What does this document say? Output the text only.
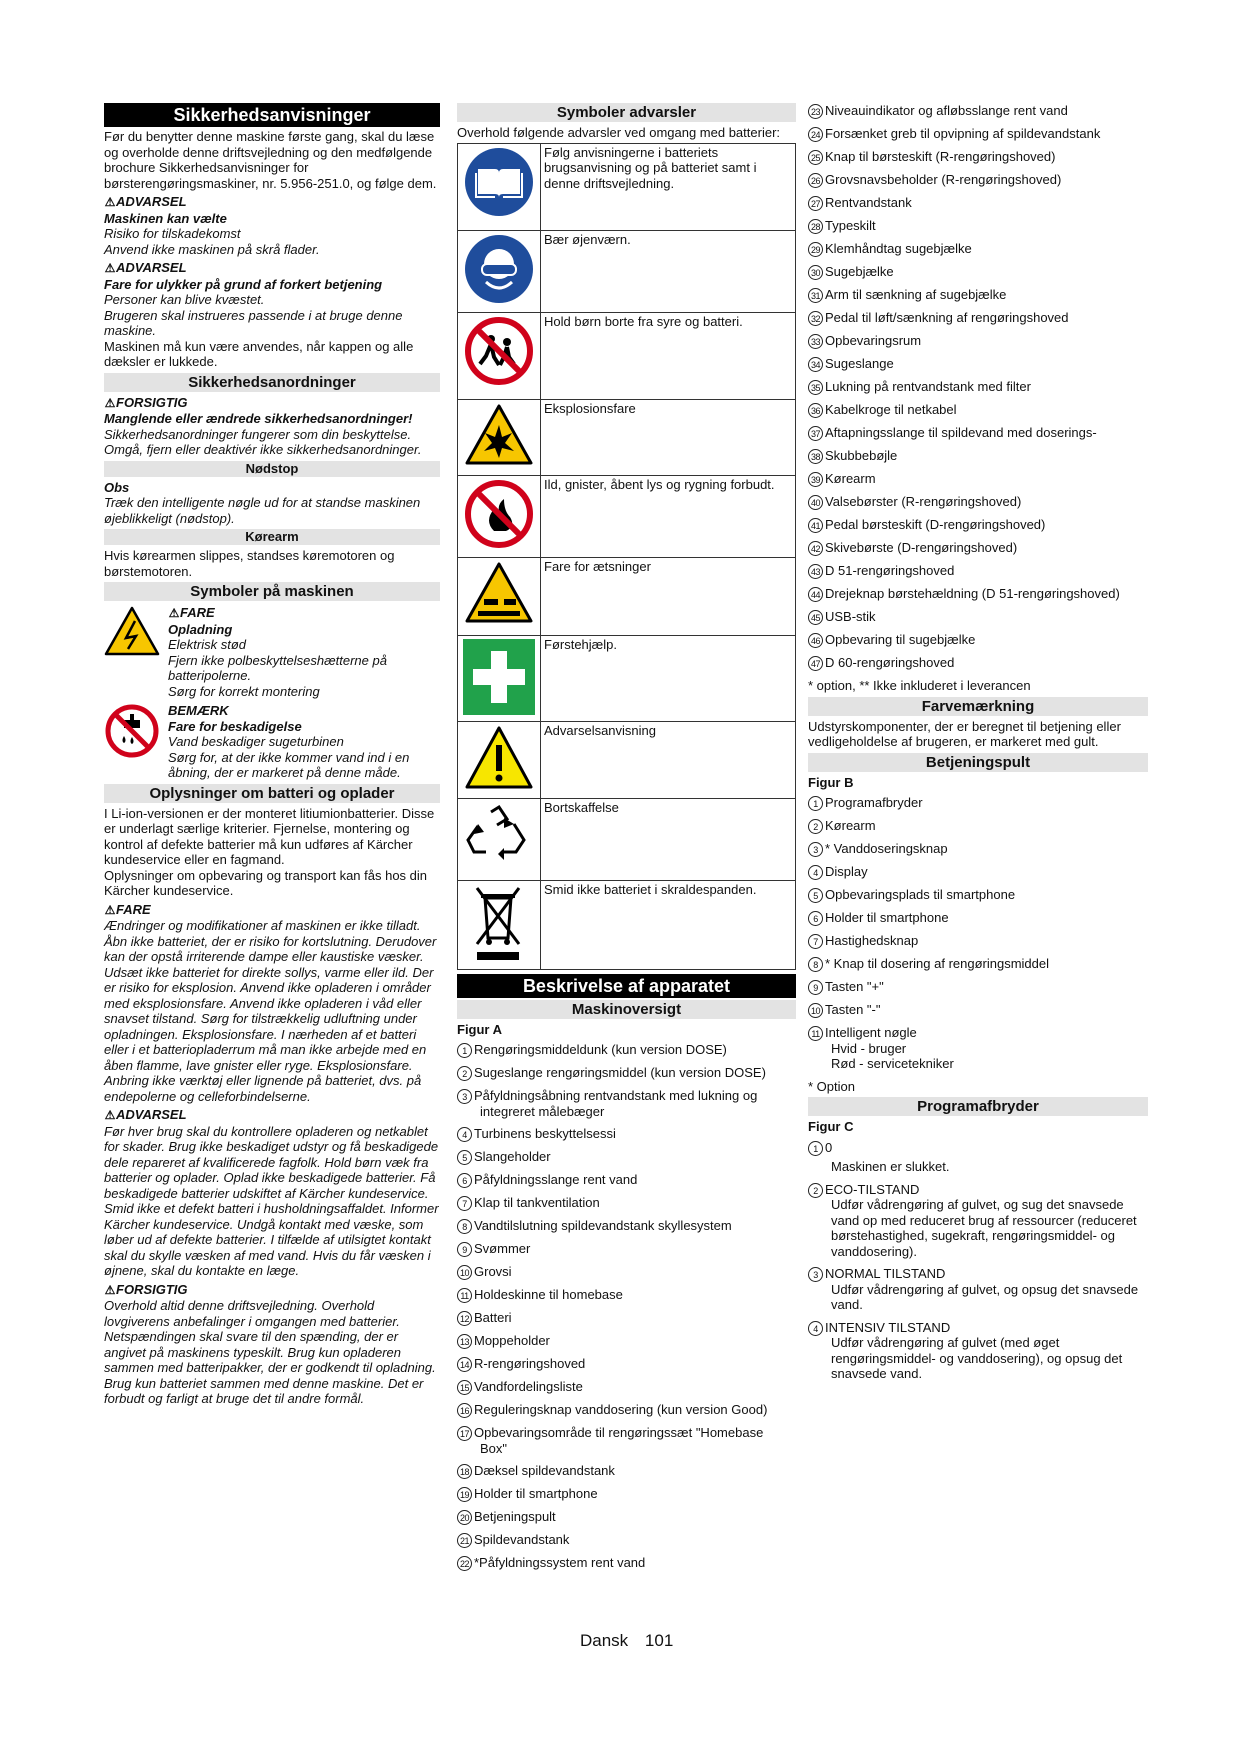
Sikkerhedsanvisninger

Før du benytter denne maskine første gang, skal du læse og overholde denne driftsvejledning og den medfølgende brochure Sikkerhedsanvisninger for børsterengøringsmaskiner, nr. 5.956-251.0, og følge dem.

⚠ADVARSEL

Maskinen kan vælte

Risiko for tilskadekomst

Anvend ikke maskinen på skrå flader.

⚠ADVARSEL

Fare for ulykker på grund af forkert betjening

Personer kan blive kvæstet.

Brugeren skal instrueres passende i at bruge denne maskine.

Maskinen må kun være anvendes, når kappen og alle dæksler er lukkede.

Sikkerhedsanordninger

⚠FORSIGTIG

Manglende eller ændrede sikkerhedsanordninger!

Sikkerhedsanordninger fungerer som din beskyttelse.

Omgå, fjern eller deaktivér ikke sikkerhedsanordninger.

Nødstop

Obs

Træk den intelligente nøgle ud for at standse maskinen øjeblikkeligt (nødstop).

Kørearm

Hvis kørearmen slippes, standses køremotoren og børstemotoren.

Symboler på maskinen

⚠FARE

Opladning

Elektrisk stød

Fjern ikke polbeskyttelseshætterne på batteripolerne.

Sørg for korrekt montering

BEMÆRK

Fare for beskadigelse

Vand beskadiger sugeturbinen

Sørg for, at der ikke kommer vand ind i en åbning, der er markeret på denne måde.

Oplysninger om batteri og oplader

I Li-ion-versionen er der monteret litiumionbatterier. Disse er underlagt særlige kriterier. Fjernelse, montering og kontrol af defekte batterier må kun udføres af Kärcher kundeservice eller en fagmand.

Oplysninger om opbevaring og transport kan fås hos din Kärcher kundeservice.

⚠FARE

Ændringer og modifikationer af maskinen er ikke tilladt. Åbn ikke batteriet, der er risiko for kortslutning. Derudover kan der opstå irriterende dampe eller kaustiske væsker. Udsæt ikke batteriet for direkte sollys, varme eller ild. Der er risiko for eksplosion. Anvend ikke opladeren i områder med eksplosionsfare. Anvend ikke opladeren i våd eller snavset tilstand. Sørg for tilstrækkelig udluftning under opladningen. Eksplosionsfare. I nærheden af et batteri eller i et batteriopladerrum må man ikke arbejde med en åben flamme, lave gnister eller ryge. Eksplosionsfare. Anbring ikke værktøj eller lignende på batteriet, dvs. på endepolerne og celleforbindelserne.

⚠ADVARSEL

Før hver brug skal du kontrollere opladeren og netkablet for skader. Brug ikke beskadiget udstyr og få beskadigede dele repareret af kvalificerede fagfolk. Hold børn væk fra batterier og oplader. Oplad ikke beskadigede batterier. Få beskadigede batterier udskiftet af Kärcher kundeservice. Smid ikke et defekt batteri i husholdningsaffaldet. Informer Kärcher kundeservice. Undgå kontakt med væske, som løber ud af defekte batterier. I tilfælde af utilsigtet kontakt skal du skylle væsken af med vand. Hvis du får væsken i øjnene, skal du kontakte en læge.

⚠FORSIGTIG

Overhold altid denne driftsvejledning. Overhold lovgiverens anbefalinger i omgangen med batterier. Netspændingen skal svare til den spænding, der er angivet på maskinens typeskilt. Brug kun opladeren sammen med batteripakker, der er godkendt til opladning. Brug kun batteriet sammen med denne maskine. Det er forbudt og farligt at bruge det til andre formål.

Symboler advarsler

Overhold følgende advarsler ved omgang med batterier:

	Følg anvisningerne i batteriets brugsanvisning og på batteriet samt i denne driftsvejledning.
	Bær øjenværn.
	Hold børn borte fra syre og batteri.
	Eksplosionsfare
	Ild, gnister, åbent lys og rygning forbudt.
	Fare for ætsninger
	Førstehjælp.
	Advarselsanvisning
	Bortskaffelse
	Smid ikke batteriet i skraldespanden.
Beskrivelse af apparatet
Maskinoversigt

Figur A

1 Rengøringsmiddeldunk (kun version DOSE)
2 Sugeslange rengøringsmiddel (kun version DOSE)
3 Påfyldningsåbning rentvandstank med lukning og
integreret målebæger
4 Turbinens beskyttelsessi
5 Slangeholder
6 Påfyldningsslange rent vand
7 Klap til tankventilation
8 Vandtilslutning spildevandstank skyllesystem
9 Svømmer
10 Grovsi
11 Holdeskinne til homebase
12 Batteri
13 Moppeholder
14 R-rengøringshoved
15 Vandfordelingsliste
16 Reguleringsknap vanddosering (kun version Good)
17 Opbevaringsområde til rengøringssæt "Homebase
Box"
18 Dæksel spildevandstank
19 Holder til smartphone
20 Betjeningspult
21 Spildevandstank
22 *Påfyldningssystem rent vand
23 Niveauindikator og afløbsslange rent vand
24 Forsænket greb til opvipning af spildevandstank
25 Knap til børsteskift (R-rengøringshoved)
26 Grovsnavsbeholder (R-rengøringshoved)
27 Rentvandstank
28 Typeskilt
29 Klemhåndtag sugebjælke
30 Sugebjælke
31 Arm til sænkning af sugebjælke
32 Pedal til løft/sænkning af rengøringshoved
33 Opbevaringsrum
34 Sugeslange
35 Lukning på rentvandstank med filter
36 Kabelkroge til netkabel
37 Aftapningsslange til spildevand med doserings-
38 Skubbebøjle
39 Kørearm
40 Valsebørster (R-rengøringshoved)
41 Pedal børsteskift (D-rengøringshoved)
42 Skivebørste (D-rengøringshoved)
43 D 51-rengøringshoved
44 Drejeknap børstehældning (D 51-rengøringshoved)
45 USB-stik
46 Opbevaring til sugebjælke
47 D 60-rengøringshoved

* option, ** Ikke inkluderet i leverancen

Farvemærkning

Udstyrskomponenter, der er beregnet til betjening eller vedligeholdelse af brugeren, er markeret med gult.

Betjeningspult

Figur B

1 Programafbryder
2 Kørearm
3 * Vanddoseringsknap
4 Display
5 Opbevaringsplads til smartphone
6 Holder til smartphone
7 Hastighedsknap
8 * Knap til dosering af rengøringsmiddel
9 Tasten "+"
10 Tasten "-"
11 Intelligent nøgle
Hvid - bruger
Rød - servicetekniker

* Option

Programafbryder

Figur C

1 0
Maskinen er slukket.
2 ECO-TILSTAND
Udfør vådrengøring af gulvet, og sug det snavsede vand op med reduceret brug af ressourcer (reduceret børstehastighed, sugekraft, rengøringsmiddel- og vanddosering).
3 NORMAL TILSTAND
Udfør vådrengøring af gulvet, og opsug det snavsede vand.
4 INTENSIV TILSTAND
Udfør vådrengøring af gulvet (med øget rengøringsmiddel- og vanddosering), og opsug det snavsede vand.
Dansk 101
